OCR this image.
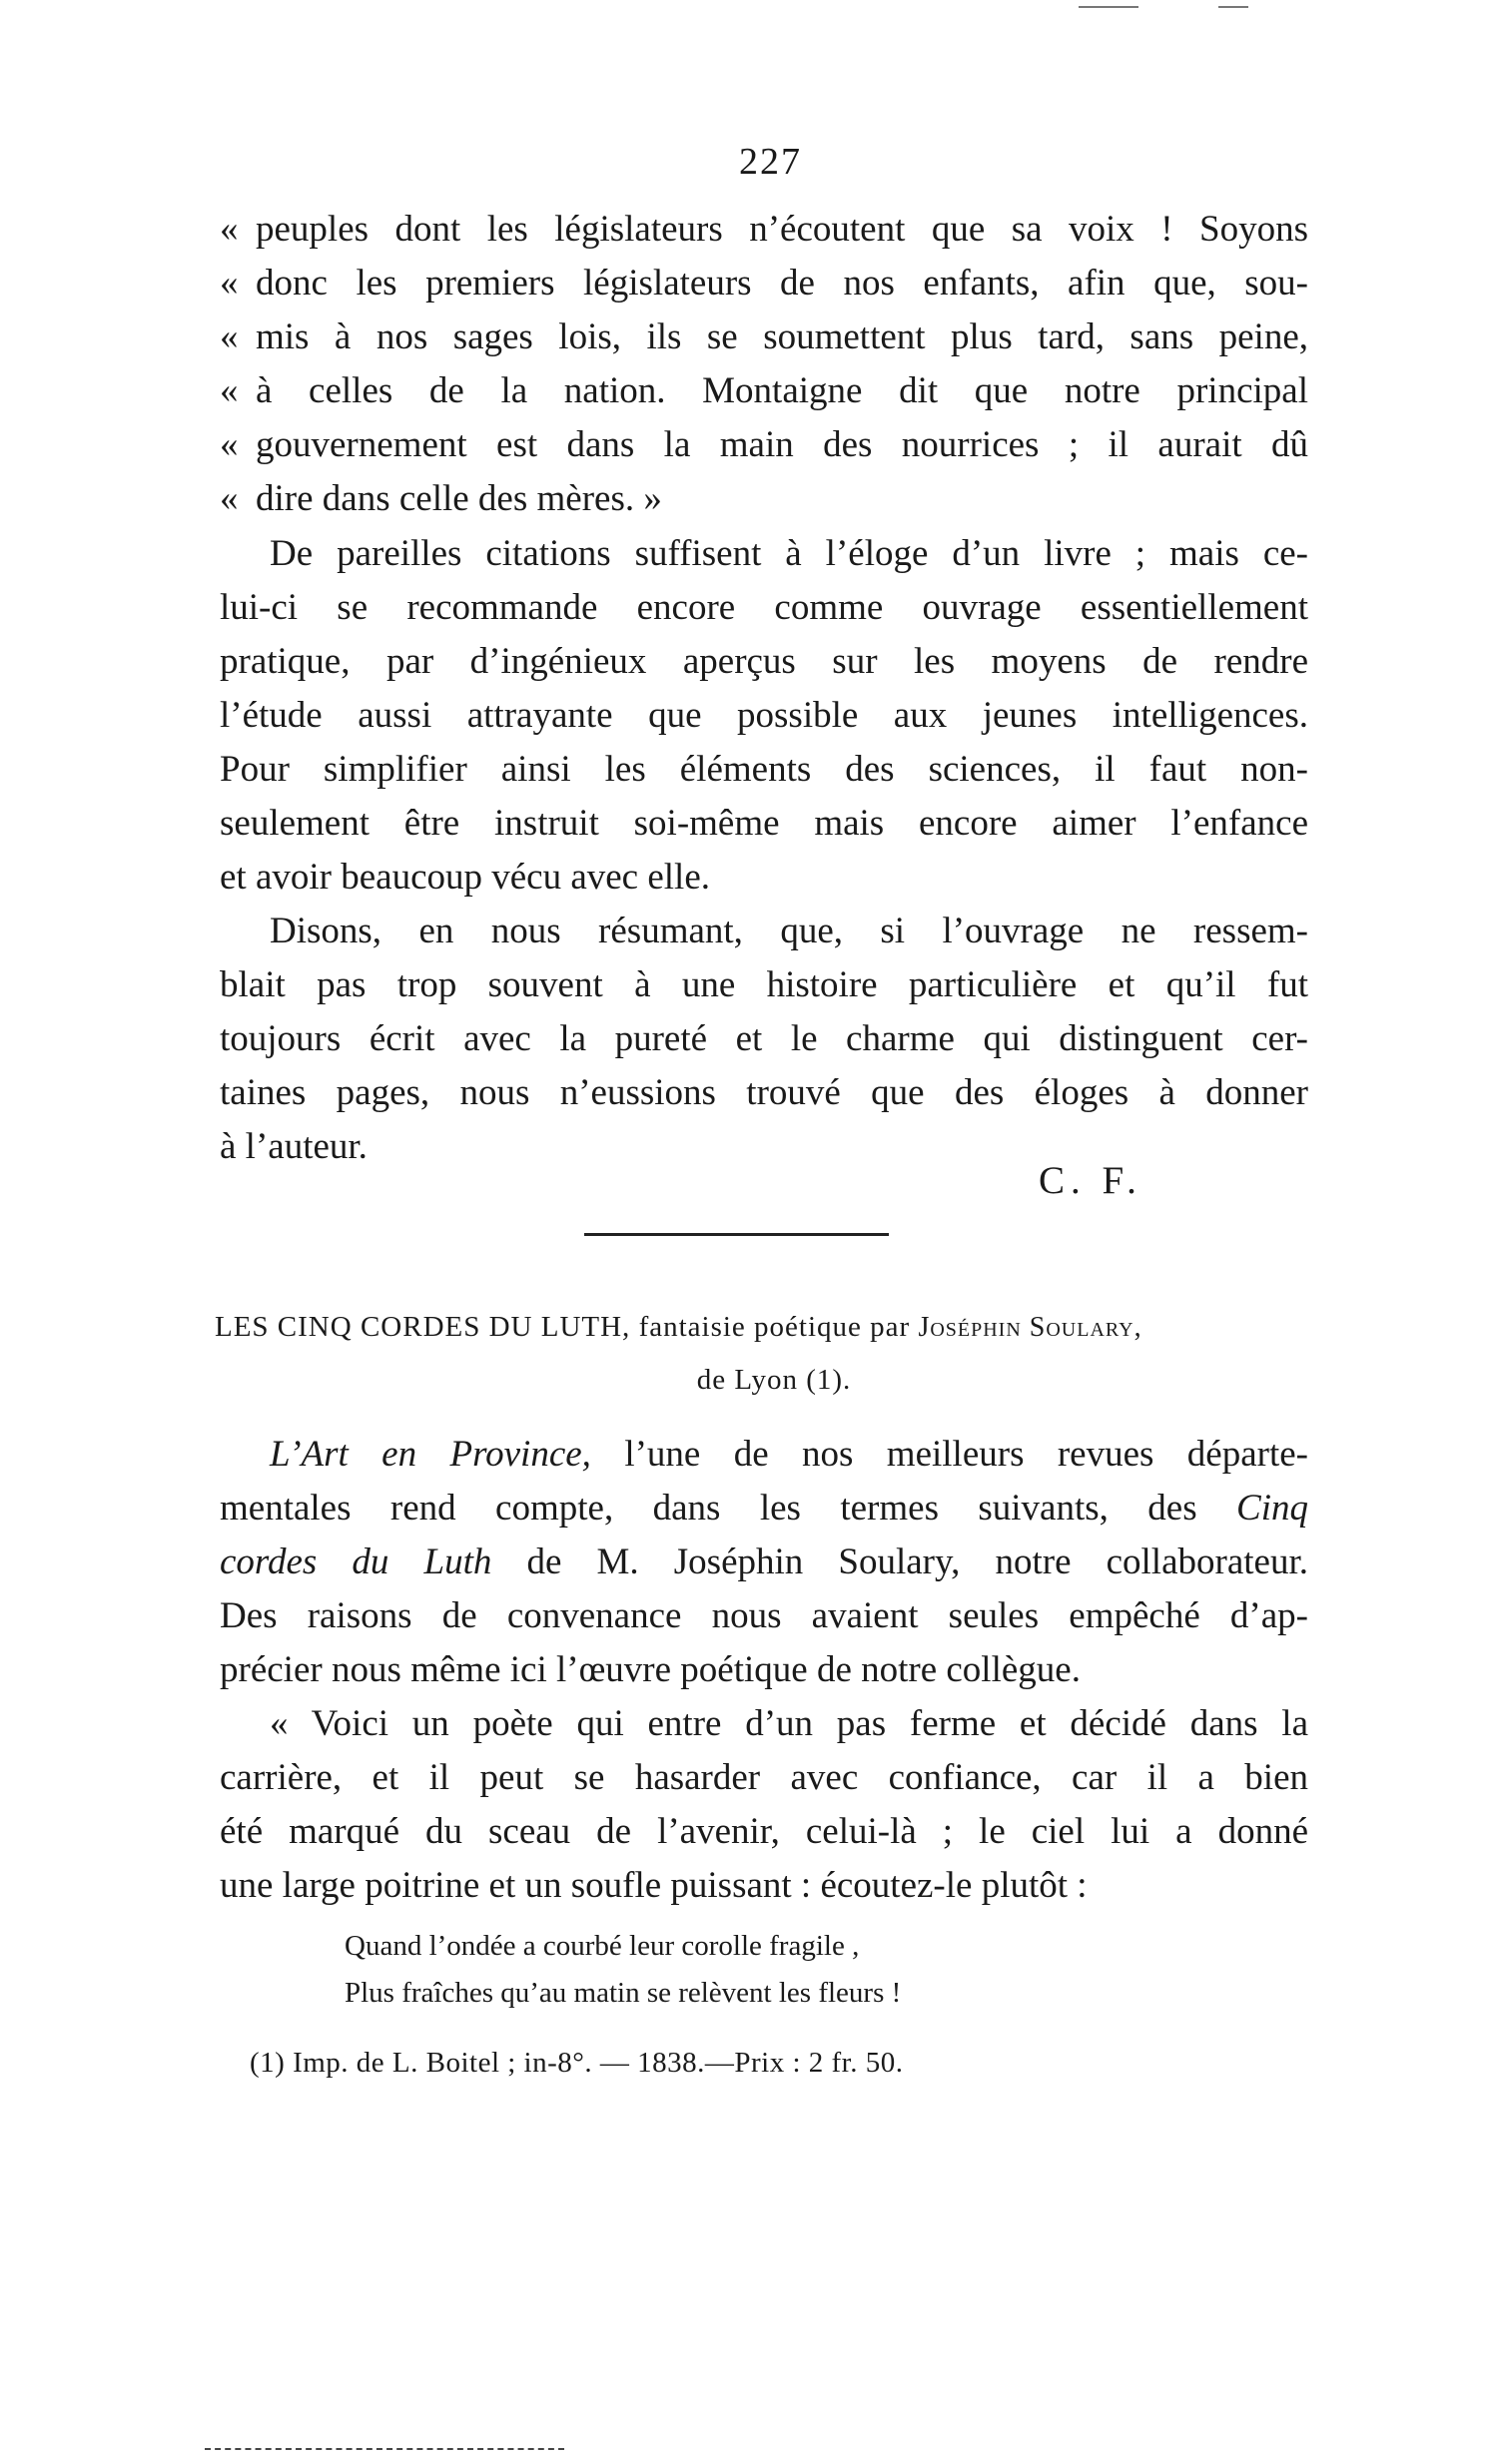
227
« peuples dont les législateurs n’écoutent que sa voix ! Soyons
« donc les premiers législateurs de nos enfants, afin que, sou-
« mis à nos sages lois, ils se soumettent plus tard, sans peine,
« à celles de la nation. Montaigne dit que notre principal
« gouvernement est dans la main des nourrices ; il aurait dû
« dire dans celle des mères. »
De pareilles citations suffisent à l’éloge d’un livre ; mais ce-
lui-ci se recommande encore comme ouvrage essentiellement
pratique, par d’ingénieux aperçus sur les moyens de rendre
l’étude aussi attrayante que possible aux jeunes intelligences.
Pour simplifier ainsi les éléments des sciences, il faut non-
seulement être instruit soi-même mais encore aimer l’enfance
et avoir beaucoup vécu avec elle.
Disons, en nous résumant, que, si l’ouvrage ne ressem-
blait pas trop souvent à une histoire particulière et qu’il fut
toujours écrit avec la pureté et le charme qui distinguent cer-
taines pages, nous n’eussions trouvé que des éloges à donner
à l’auteur.
C. F.
LES CINQ CORDES DU LUTH, fantaisie poétique par Joséphin Soulary,
de Lyon (1).
L’Art en Province, l’une de nos meilleurs revues départe-
mentales rend compte, dans les termes suivants, des Cinq
cordes du Luth de M. Joséphin Soulary, notre collaborateur.
Des raisons de convenance nous avaient seules empêché d’ap-
précier nous même ici l’œuvre poétique de notre collègue.
« Voici un poète qui entre d’un pas ferme et décidé dans la
carrière, et il peut se hasarder avec confiance, car il a bien
été marqué du sceau de l’avenir, celui-là ; le ciel lui a donné
une large poitrine et un soufle puissant : écoutez-le plutôt :
Quand l’ondée a courbé leur corolle fragile ,
Plus fraîches qu’au matin se relèvent les fleurs !
(1) Imp. de L. Boitel ; in-8°. — 1838.—Prix : 2 fr. 50.
